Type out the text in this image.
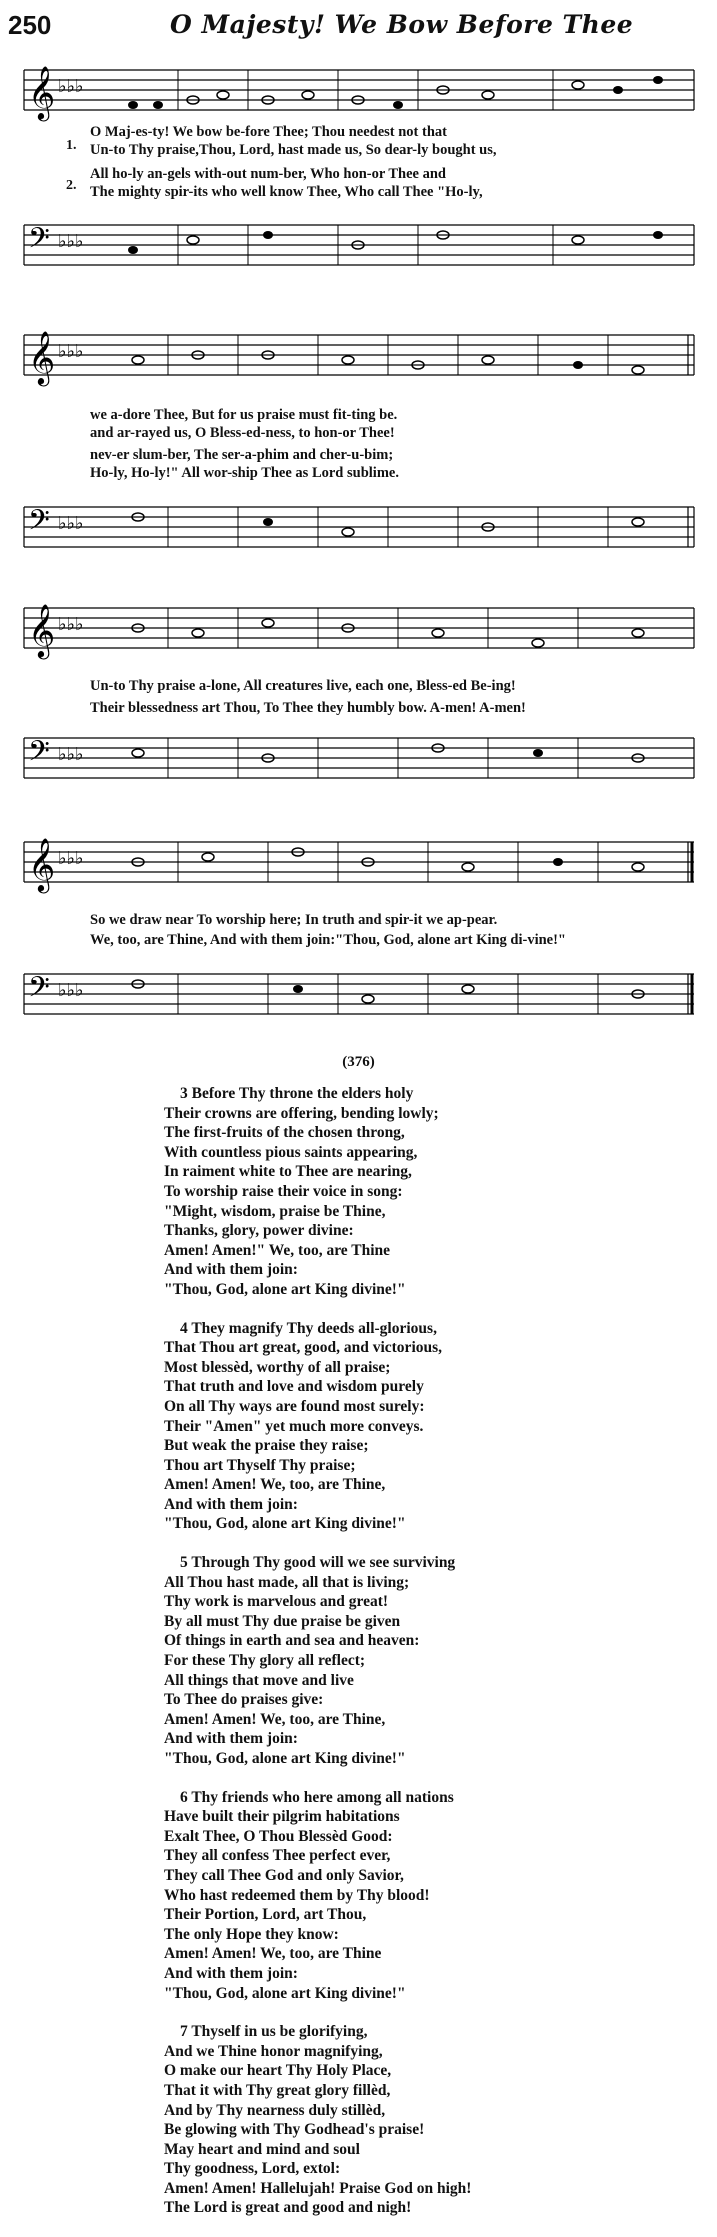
250	O Majesty! We Bow Before Thee
𝄞 ♭♭♭
1.
2.
O Maj-es-ty! We bow be-fore Thee; Thou needest not that
Un-to Thy praise,Thou, Lord, hast made us, So dear-ly bought us,
All ho-ly an-gels with-out num-ber, Who hon-or Thee and
The mighty spir-its who well know Thee, Who call Thee "Ho-ly,
𝄢 ♭♭♭
𝄞 ♭♭♭
we a-dore Thee, But for us praise must fit-ting be.
and ar-rayed us, O Bless-ed-ness, to hon-or Thee!
nev-er slum-ber, The ser-a-phim and cher-u-bim;
Ho-ly, Ho-ly!" All wor-ship Thee as Lord sublime.
𝄢 ♭♭♭
𝄞 ♭♭♭
Un-to Thy praise a-lone, All creatures live, each one, Bless-ed Be-ing!
Their blessedness art Thou, To Thee they humbly bow. A-men! A-men!
𝄢 ♭♭♭
𝄞 ♭♭♭
So we draw near To worship here; In truth and spir-it we ap-pear.
We, too, are Thine, And with them join:"Thou, God, alone art King di-vine!"
𝄢 ♭♭♭
(376)
3 Before Thy throne the elders holy
Their crowns are offering, bending lowly;
The first-fruits of the chosen throng,
With countless pious saints appearing,
In raiment white to Thee are nearing,
To worship raise their voice in song:
"Might, wisdom, praise be Thine,
Thanks, glory, power divine:
Amen! Amen!" We, too, are Thine
And with them join:
"Thou, God, alone art King divine!"
4 They magnify Thy deeds all-glorious,
That Thou art great, good, and victorious,
Most blessèd, worthy of all praise;
That truth and love and wisdom purely
On all Thy ways are found most surely:
Their "Amen" yet much more conveys.
But weak the praise they raise;
Thou art Thyself Thy praise;
Amen! Amen! We, too, are Thine,
And with them join:
"Thou, God, alone art King divine!"
5 Through Thy good will we see surviving
All Thou hast made, all that is living;
Thy work is marvelous and great!
By all must Thy due praise be given
Of things in earth and sea and heaven:
For these Thy glory all reflect;
All things that move and live
To Thee do praises give:
Amen! Amen! We, too, are Thine,
And with them join:
"Thou, God, alone art King divine!"
6 Thy friends who here among all nations
Have built their pilgrim habitations
Exalt Thee, O Thou Blessèd Good:
They all confess Thee perfect ever,
They call Thee God and only Savior,
Who hast redeemed them by Thy blood!
Their Portion, Lord, art Thou,
The only Hope they know:
Amen! Amen! We, too, are Thine
And with them join:
"Thou, God, alone art King divine!"
7 Thyself in us be glorifying,
And we Thine honor magnifying,
O make our heart Thy Holy Place,
That it with Thy great glory fillèd,
And by Thy nearness duly stillèd,
Be glowing with Thy Godhead's praise!
May heart and mind and soul
Thy goodness, Lord, extol:
Amen! Amen! Hallelujah! Praise God on high!
The Lord is great and good and nigh!
